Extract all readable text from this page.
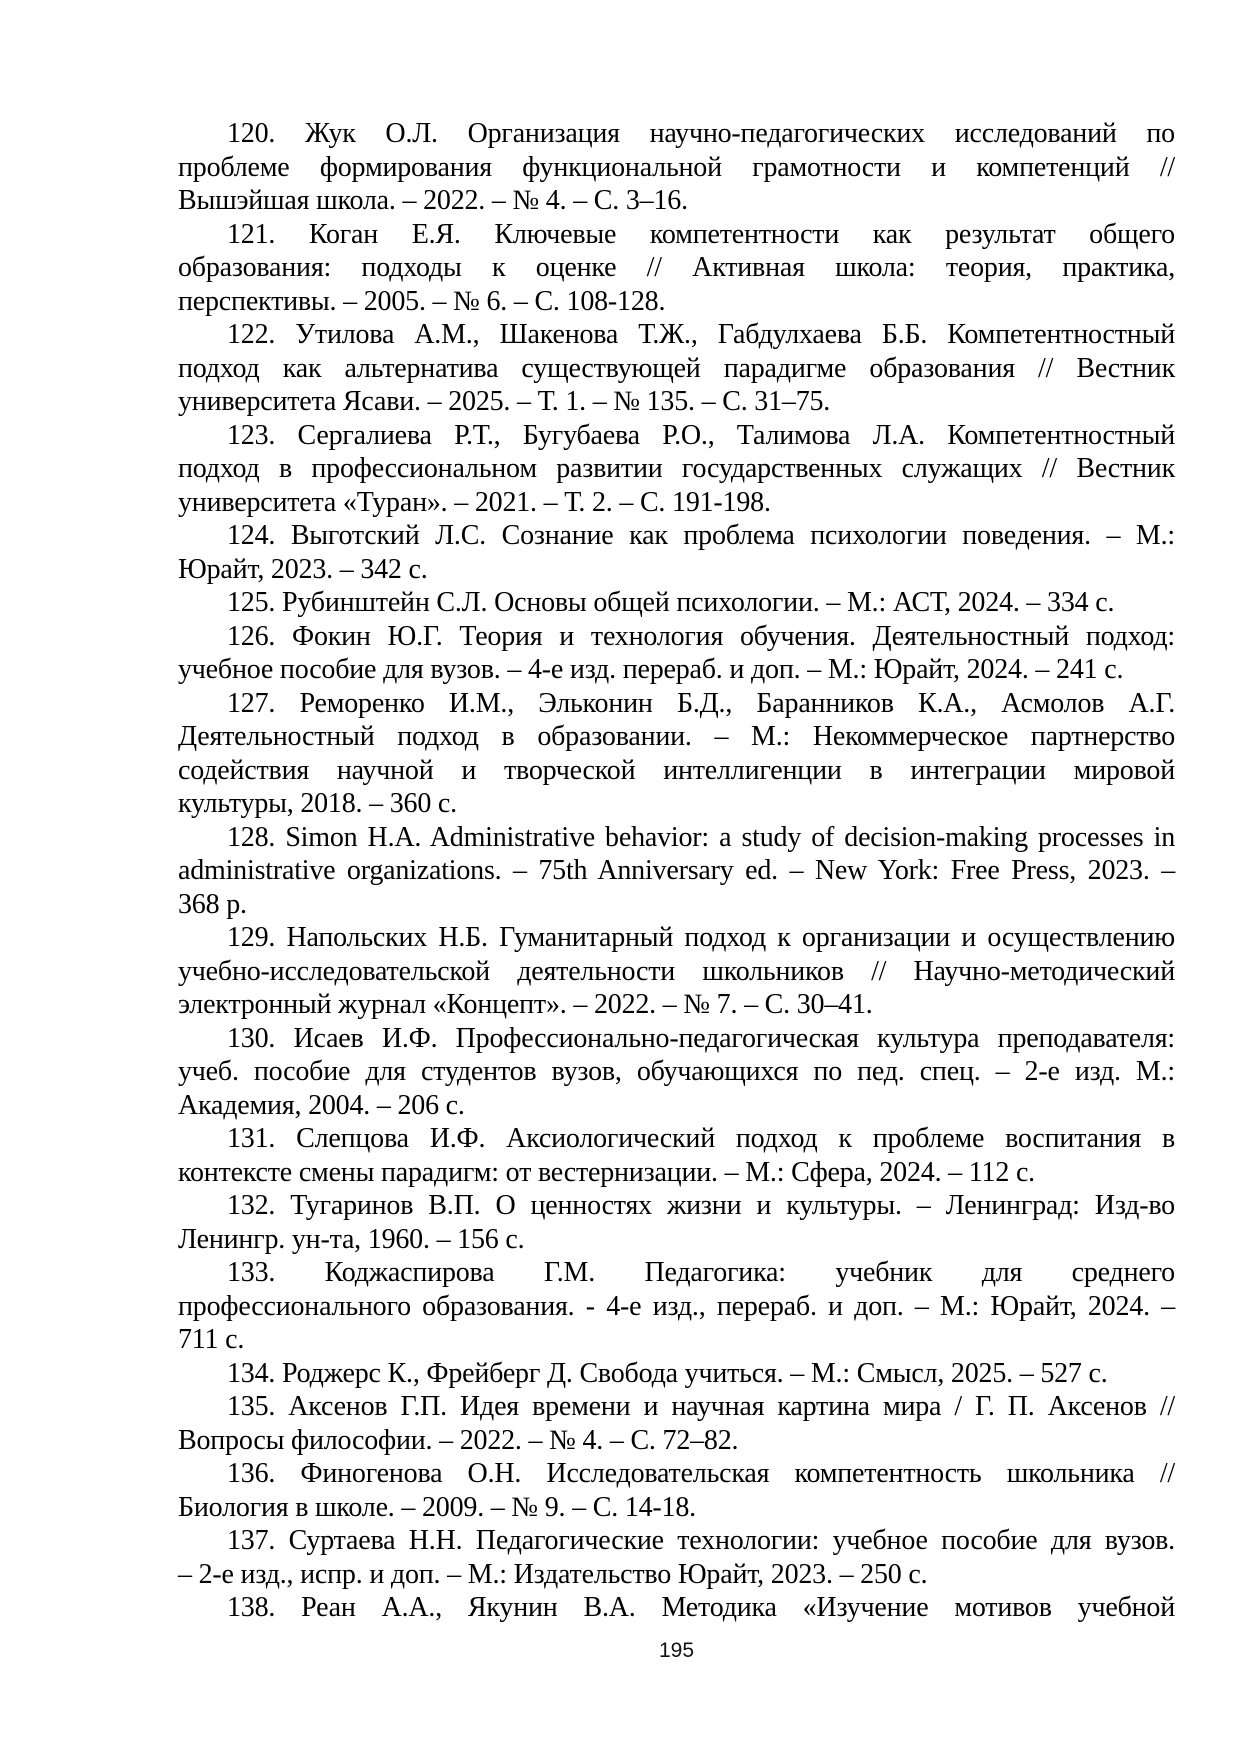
120. Жук О.Л. Организация научно-педагогических исследований по
проблеме формирования функциональной грамотности и компетенций //
Вышэйшая школа. – 2022. – № 4. – С. 3–16.
121. Коган Е.Я. Ключевые компетентности как результат общего
образования: подходы к оценке // Активная школа: теория, практика,
перспективы. – 2005. – № 6. – С. 108-128.
122. Утилова А.М., Шакенова Т.Ж., Габдулхаева Б.Б. Компетентностный
подход как альтернатива существующей парадигме образования // Вестник
университета Ясави. – 2025. – Т. 1. – № 135. – С. 31–75.
123. Сергалиева Р.Т., Бугубаева Р.О., Талимова Л.А. Компетентностный
подход в профессиональном развитии государственных служащих // Вестник
университета «Туран». – 2021. – Т. 2. – С. 191-198.
124. Выготский Л.С. Сознание как проблема психологии поведения. – М.:
Юрайт, 2023. – 342 с.
125. Рубинштейн С.Л. Основы общей психологии. – М.: АСТ, 2024. – 334 с.
126. Фокин Ю.Г. Теория и технология обучения. Деятельностный подход:
учебное пособие для вузов. – 4-е изд. перераб. и доп. – М.: Юрайт, 2024. – 241 с.
127. Реморенко И.М., Эльконин Б.Д., Баранников К.А., Асмолов А.Г.
Деятельностный подход в образовании. – М.: Некоммерческое партнерство
содействия научной и творческой интеллигенции в интеграции мировой
культуры, 2018. – 360 с.
128. Simon H.A. Administrative behavior: a study of decision-making processes in
administrative organizations. – 75th Anniversary ed. – New York: Free Press, 2023. –
368 p.
129. Напольских Н.Б. Гуманитарный подход к организации и осуществлению
учебно-исследовательской деятельности школьников // Научно-методический
электронный журнал «Концепт». – 2022. – № 7. – С. 30–41.
130. Исаев И.Ф. Профессионально-педагогическая культура преподавателя:
учеб. пособие для студентов вузов, обучающихся по пед. спец. – 2-е изд. М.:
Академия, 2004. – 206 с.
131. Слепцова И.Ф. Аксиологический подход к проблеме воспитания в
контексте смены парадигм: от вестернизации. – М.: Сфера, 2024. – 112 с.
132. Тугаринов В.П. О ценностях жизни и культуры. – Ленинград: Изд-во
Ленингр. ун-та, 1960. – 156 с.
133. Коджаспирова Г.М. Педагогика: учебник для среднего
профессионального образования. - 4-е изд., перераб. и доп. – М.: Юрайт, 2024. –
711 с.
134. Роджерс К., Фрейберг Д. Свобода учиться. – М.: Смысл, 2025. – 527 с.
135. Аксенов Г.П. Идея времени и научная картина мира / Г. П. Аксенов //
Вопросы философии. – 2022. – № 4. – С. 72–82.
136. Финогенова О.Н. Исследовательская компетентность школьника //
Биология в школе. – 2009. – № 9. – С. 14-18.
137. Суртаева Н.Н. Педагогические технологии: учебное пособие для вузов.
– 2-е изд., испр. и доп. – М.: Издательство Юрайт, 2023. – 250 с.
138. Реан А.А., Якунин В.А. Методика «Изучение мотивов учебной
195
